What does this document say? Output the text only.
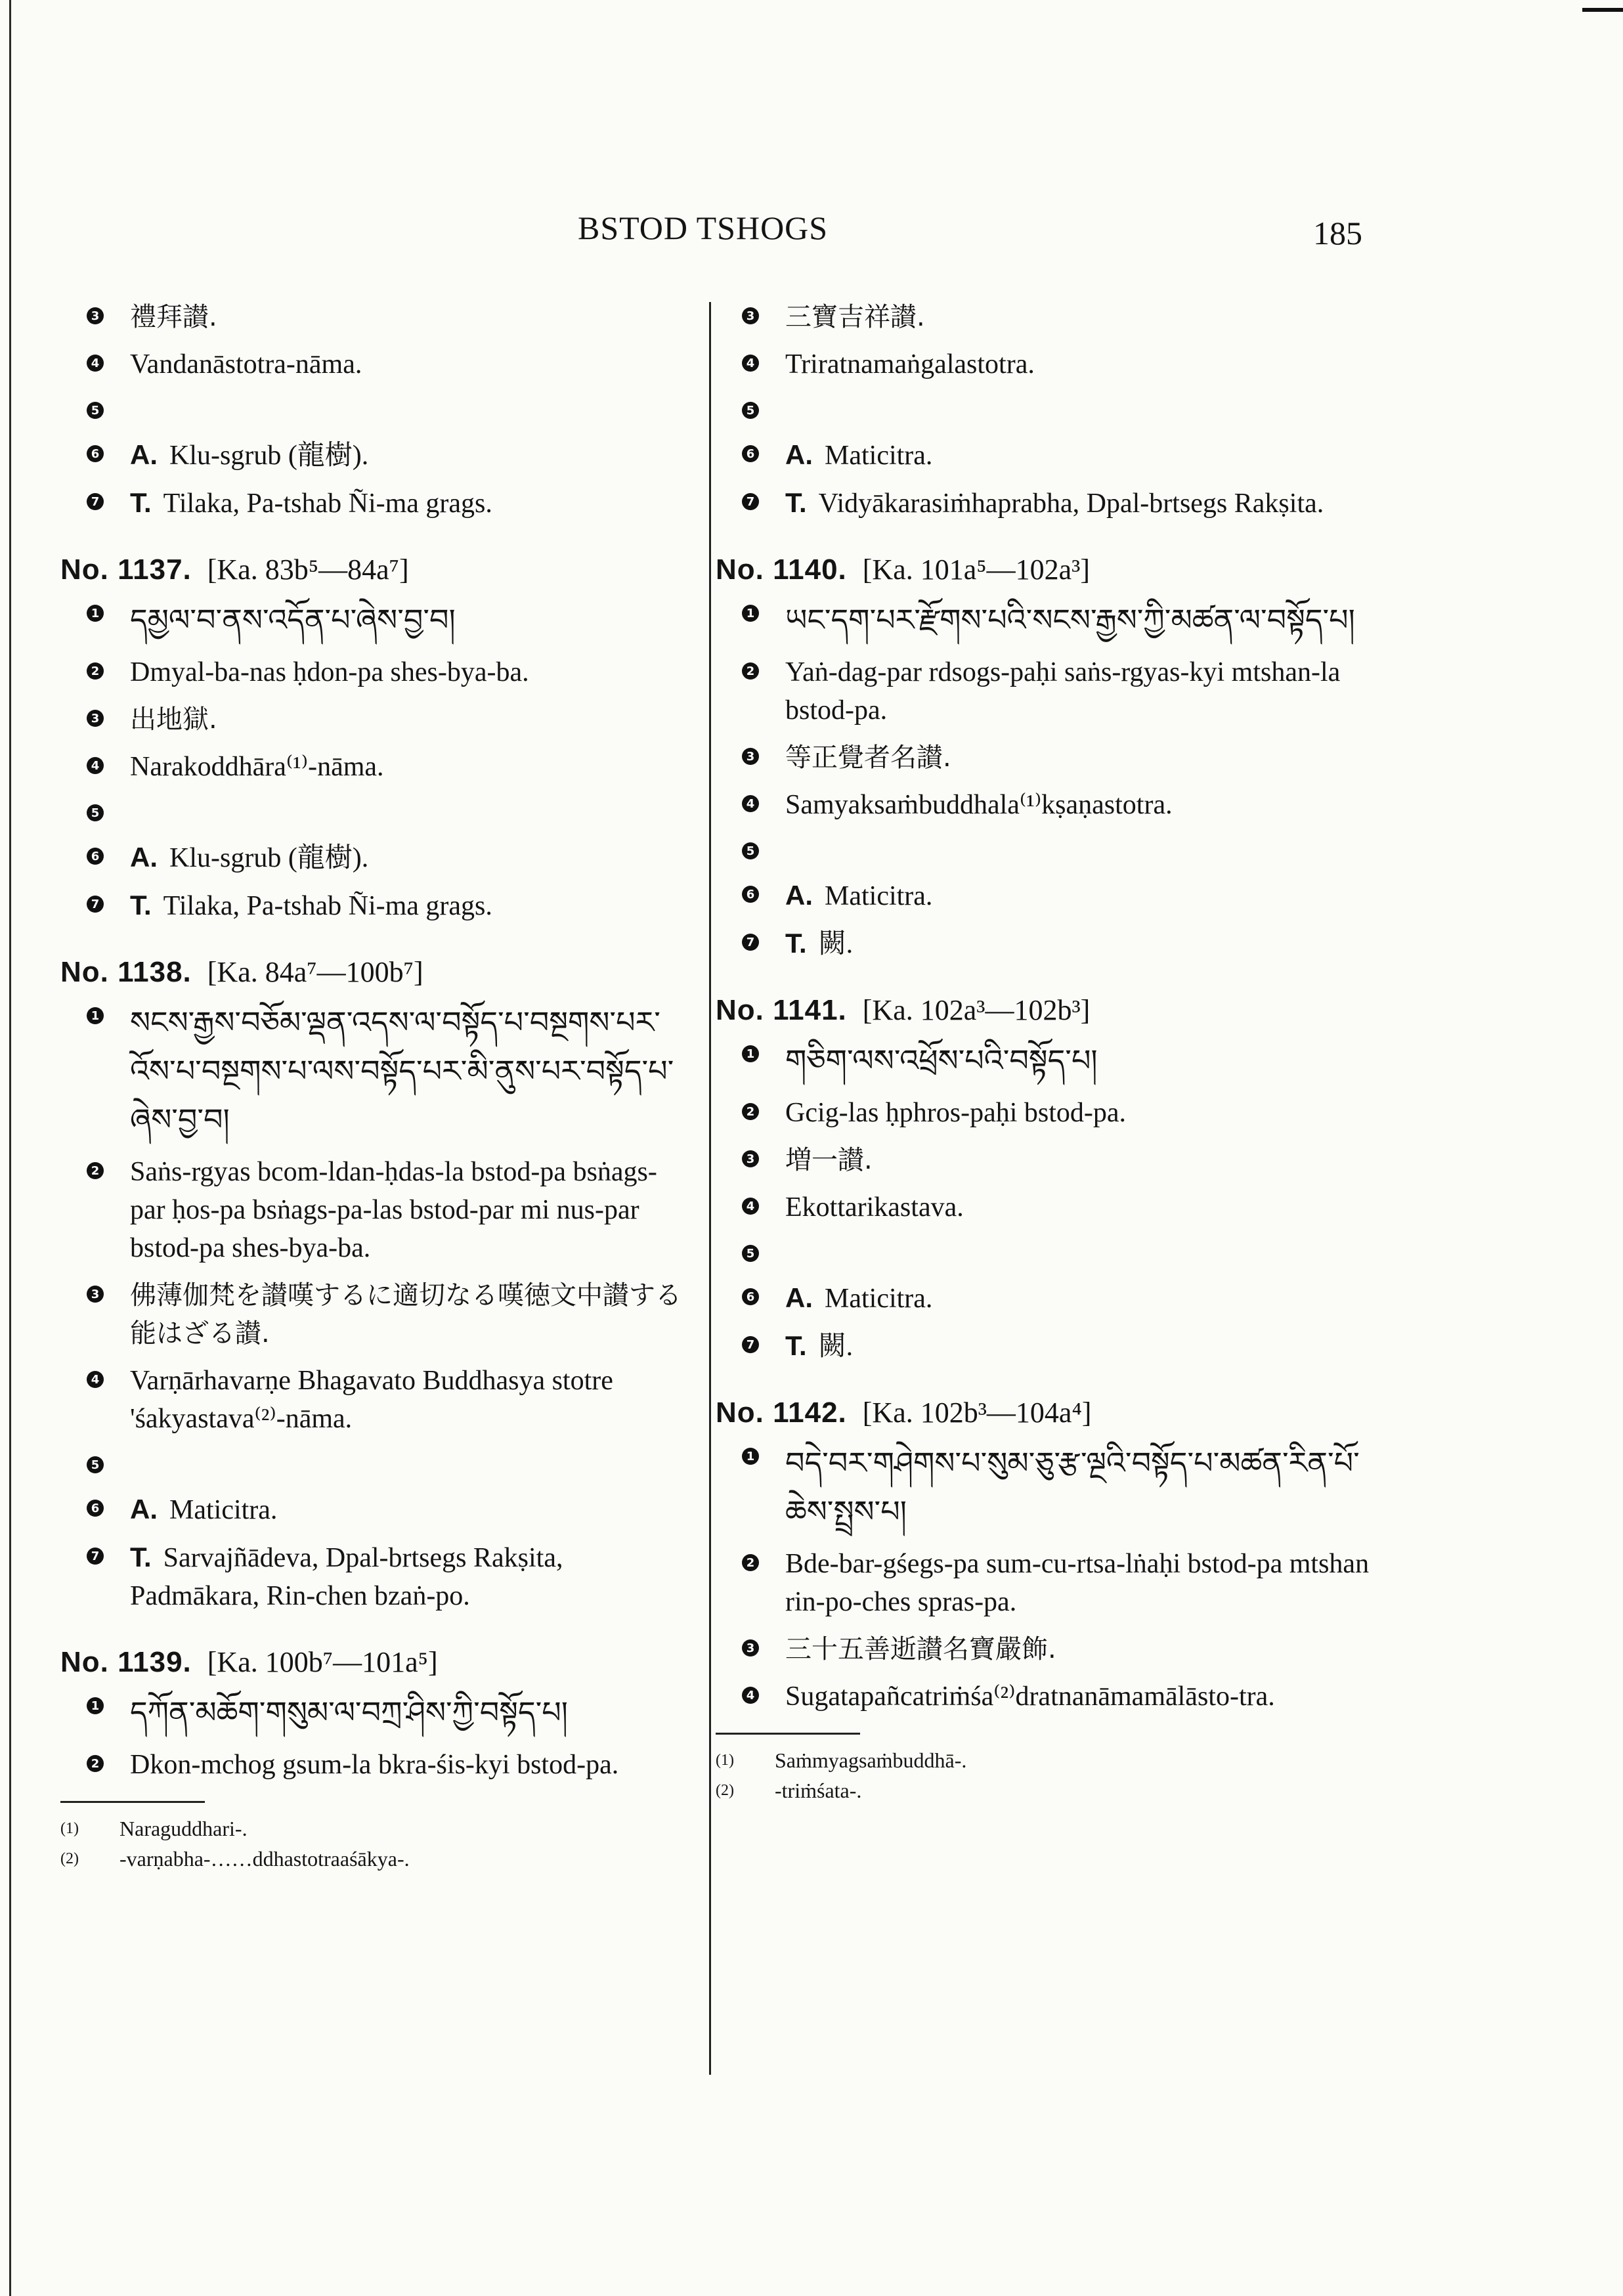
BSTOD TSHOGS	185
3 禮拜讃.
4 Vandanāstotra-nāma.
5
6 A. Klu-sgrub (龍樹).
7 T. Tilaka, Pa-tshab Ñi-ma grags.
No. 1137. [Ka. 83b⁵—84a⁷]
1 དམྱལ་བ་ནས་འདོན་པ་ཞེས་བྱ་བ།
2 Dmyal-ba-nas ḥdon-pa shes-bya-ba.
3 出地獄.
4 Narakoddhāra⁽¹⁾-nāma.
5
6 A. Klu-sgrub (龍樹).
7 T. Tilaka, Pa-tshab Ñi-ma grags.
No. 1138. [Ka. 84a⁷—100b⁷]
1 སངས་རྒྱས་བཅོམ་ལྡན་འདས་ལ་བསྟོད་པ་བསྔགས་པར་འོས་པ་བསྔགས་པ་ལས་བསྟོད་པར་མི་ནུས་པར་བསྟོད་པ་ཞེས་བྱ་བ།
2 Saṅs-rgyas bcom-ldan-ḥdas-la bstod-pa bsṅags-par ḥos-pa bsṅags-pa-las bstod-par mi nus-par bstod-pa shes-bya-ba.
3 佛薄伽梵を讃嘆するに適切なる嘆徳文中讃する能はざる讃.
4 Varṇārhavarṇe Bhagavato Buddhasya stotre 'śakyastava⁽²⁾-nāma.
5
6 A. Maticitra.
7 T. Sarvajñādeva, Dpal-brtsegs Rakṣita, Padmākara, Rin-chen bzaṅ-po.
No. 1139. [Ka. 100b⁷—101a⁵]
1 དཀོན་མཆོག་གསུམ་ལ་བཀྲ་ཤིས་ཀྱི་བསྟོད་པ།
2 Dkon-mchog gsum-la bkra-śis-kyi bstod-pa.
(1)	Naraguddhari-.
(2)	-varṇabha-……ddhastotraaśākya-.
3 三寶吉祥讃.
4 Triratnamaṅgalastotra.
5
6 A. Maticitra.
7 T. Vidyākarasiṁhaprabha, Dpal-brtsegs Rakṣita.
No. 1140. [Ka. 101a⁵—102a³]
1 ཡང་དག་པར་རྫོགས་པའི་སངས་རྒྱས་ཀྱི་མཚན་ལ་བསྟོད་པ།
2 Yaṅ-dag-par rdsogs-paḥi saṅs-rgyas-kyi mtshan-la bstod-pa.
3 等正覺者名讃.
4 Samyaksaṁbuddhala⁽¹⁾kṣaṇastotra.
5
6 A. Maticitra.
7 T. 闕.
No. 1141. [Ka. 102a³—102b³]
1 གཅིག་ལས་འཕྲོས་པའི་བསྟོད་པ།
2 Gcig-las ḥphros-paḥi bstod-pa.
3 増一讃.
4 Ekottarikastava.
5
6 A. Maticitra.
7 T. 闕.
No. 1142. [Ka. 102b³—104a⁴]
1 བདེ་བར་གཤེགས་པ་སུམ་ཅུ་རྩ་ལྔའི་བསྟོད་པ་མཚན་རིན་པོ་ཆེས་སྤྲས་པ།
2 Bde-bar-gśegs-pa sum-cu-rtsa-lṅaḥi bstod-pa mtshan rin-po-ches spras-pa.
3 三十五善逝讃名寶嚴飾.
4 Sugatapañcatriṁśa⁽²⁾dratnanāmamālāsto-tra.
(1)	Saṁmyagsaṁbuddhā-.
(2)	-triṁśata-.
